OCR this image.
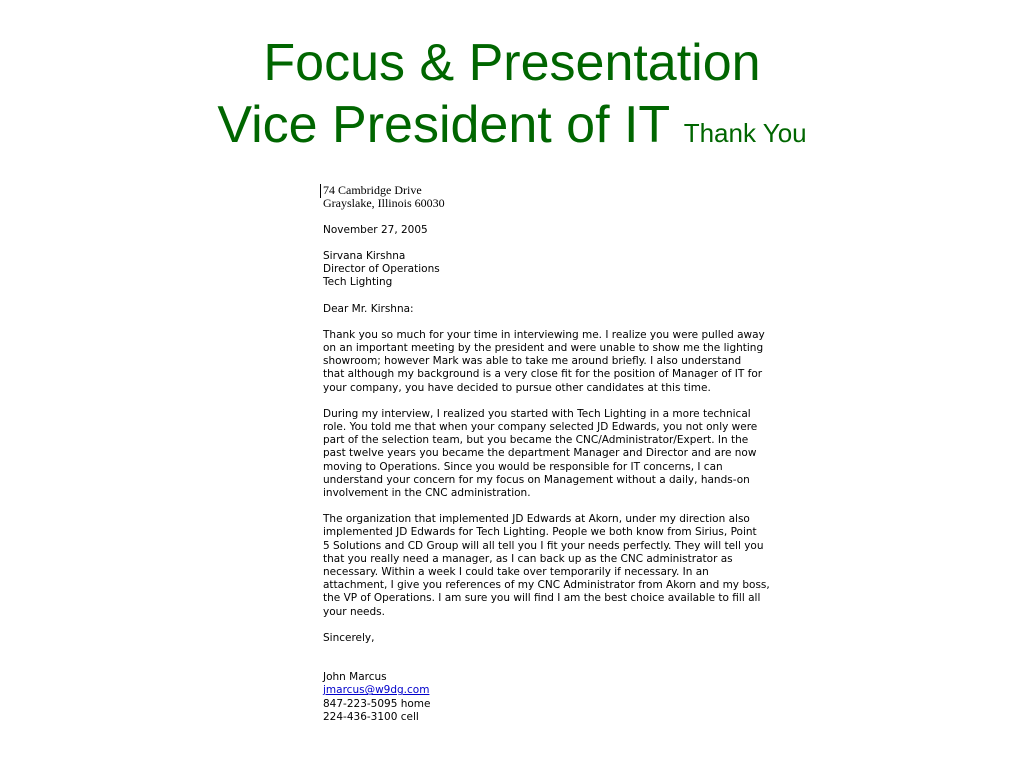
Focus & Presentation
Vice President of IT Thank You
74 Cambridge Drive
Grayslake, Illinois 60030
November 27, 2005
Sirvana Kirshna
Director of Operations
Tech Lighting
Dear Mr. Kirshna:
Thank you so much for your time in interviewing me. I realize you were pulled away
on an important meeting by the president and were unable to show me the lighting
showroom; however Mark was able to take me around briefly. I also understand
that although my background is a very close fit for the position of Manager of IT for
your company, you have decided to pursue other candidates at this time.
During my interview, I realized you started with Tech Lighting in a more technical
role. You told me that when your company selected JD Edwards, you not only were
part of the selection team, but you became the CNC/Administrator/Expert. In the
past twelve years you became the department Manager and Director and are now
moving to Operations. Since you would be responsible for IT concerns, I can
understand your concern for my focus on Management without a daily, hands-on
involvement in the CNC administration.
The organization that implemented JD Edwards at Akorn, under my direction also
implemented JD Edwards for Tech Lighting. People we both know from Sirius, Point
5 Solutions and CD Group will all tell you I fit your needs perfectly. They will tell you
that you really need a manager, as I can back up as the CNC administrator as
necessary. Within a week I could take over temporarily if necessary. In an
attachment, I give you references of my CNC Administrator from Akorn and my boss,
the VP of Operations. I am sure you will find I am the best choice available to fill all
your needs.
Sincerely,
John Marcus
jmarcus@w9dg.com
847-223-5095 home
224-436-3100 cell
